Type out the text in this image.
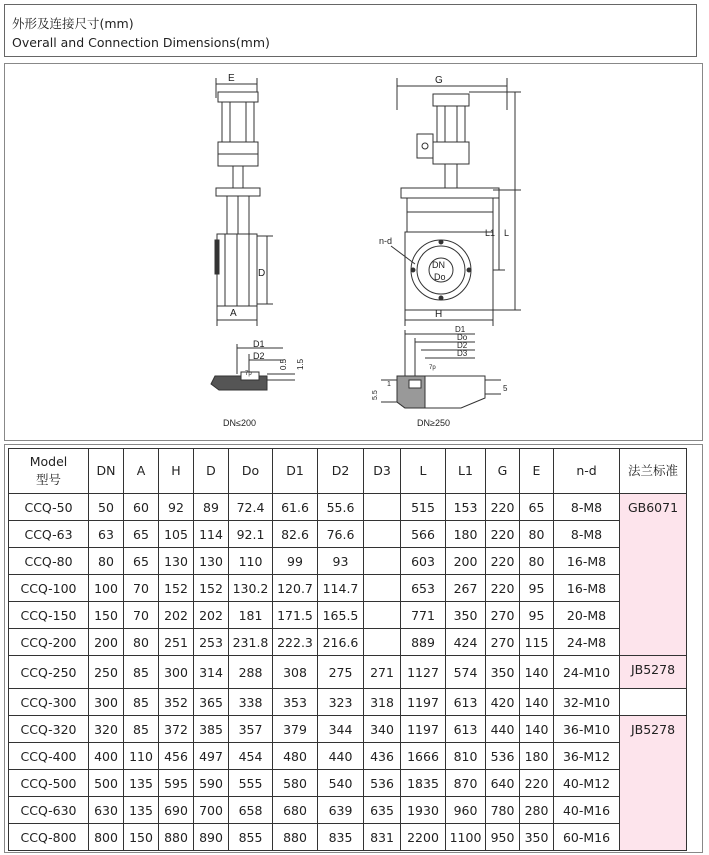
外形及连接尺寸(mm)
Overall and Connection Dimensions(mm)
E
D
A
G
DN
Do
n-d
L1 L
H
D1
D2
0.5 1.5
7p
DN≤200
D1
Do
D2
D3
5
5.5
1
7p
DN≥250
Model
型号	DN	A	H	D	Do	D1	D2	D3	L	L1	G	E	n-d	法兰标准
CCQ-50	50	60	92	89	72.4	61.6	55.6		515	153	220	65	8-M8	GB6071
CCQ-63	63	65	105	114	92.1	82.6	76.6		566	180	220	80	8-M8	
CCQ-80	80	65	130	130	110	99	93		603	200	220	80	16-M8	
CCQ-100	100	70	152	152	130.2	120.7	114.7		653	267	220	95	16-M8	
CCQ-150	150	70	202	202	181	171.5	165.5		771	350	270	95	20-M8	
CCQ-200	200	80	251	253	231.8	222.3	216.6		889	424	270	115	24-M8	
CCQ-250	250	85	300	314	288	308	275	271	1127	574	350	140	24-M10	JB5278
CCQ-300	300	85	352	365	338	353	323	318	1197	613	420	140	32-M10	
CCQ-320	320	85	372	385	357	379	344	340	1197	613	440	140	36-M10	JB5278
CCQ-400	400	110	456	497	454	480	440	436	1666	810	536	180	36-M12	
CCQ-500	500	135	595	590	555	580	540	536	1835	870	640	220	40-M12	
CCQ-630	630	135	690	700	658	680	639	635	1930	960	780	280	40-M16	
CCQ-800	800	150	880	890	855	880	835	831	2200	1100	950	350	60-M16	
